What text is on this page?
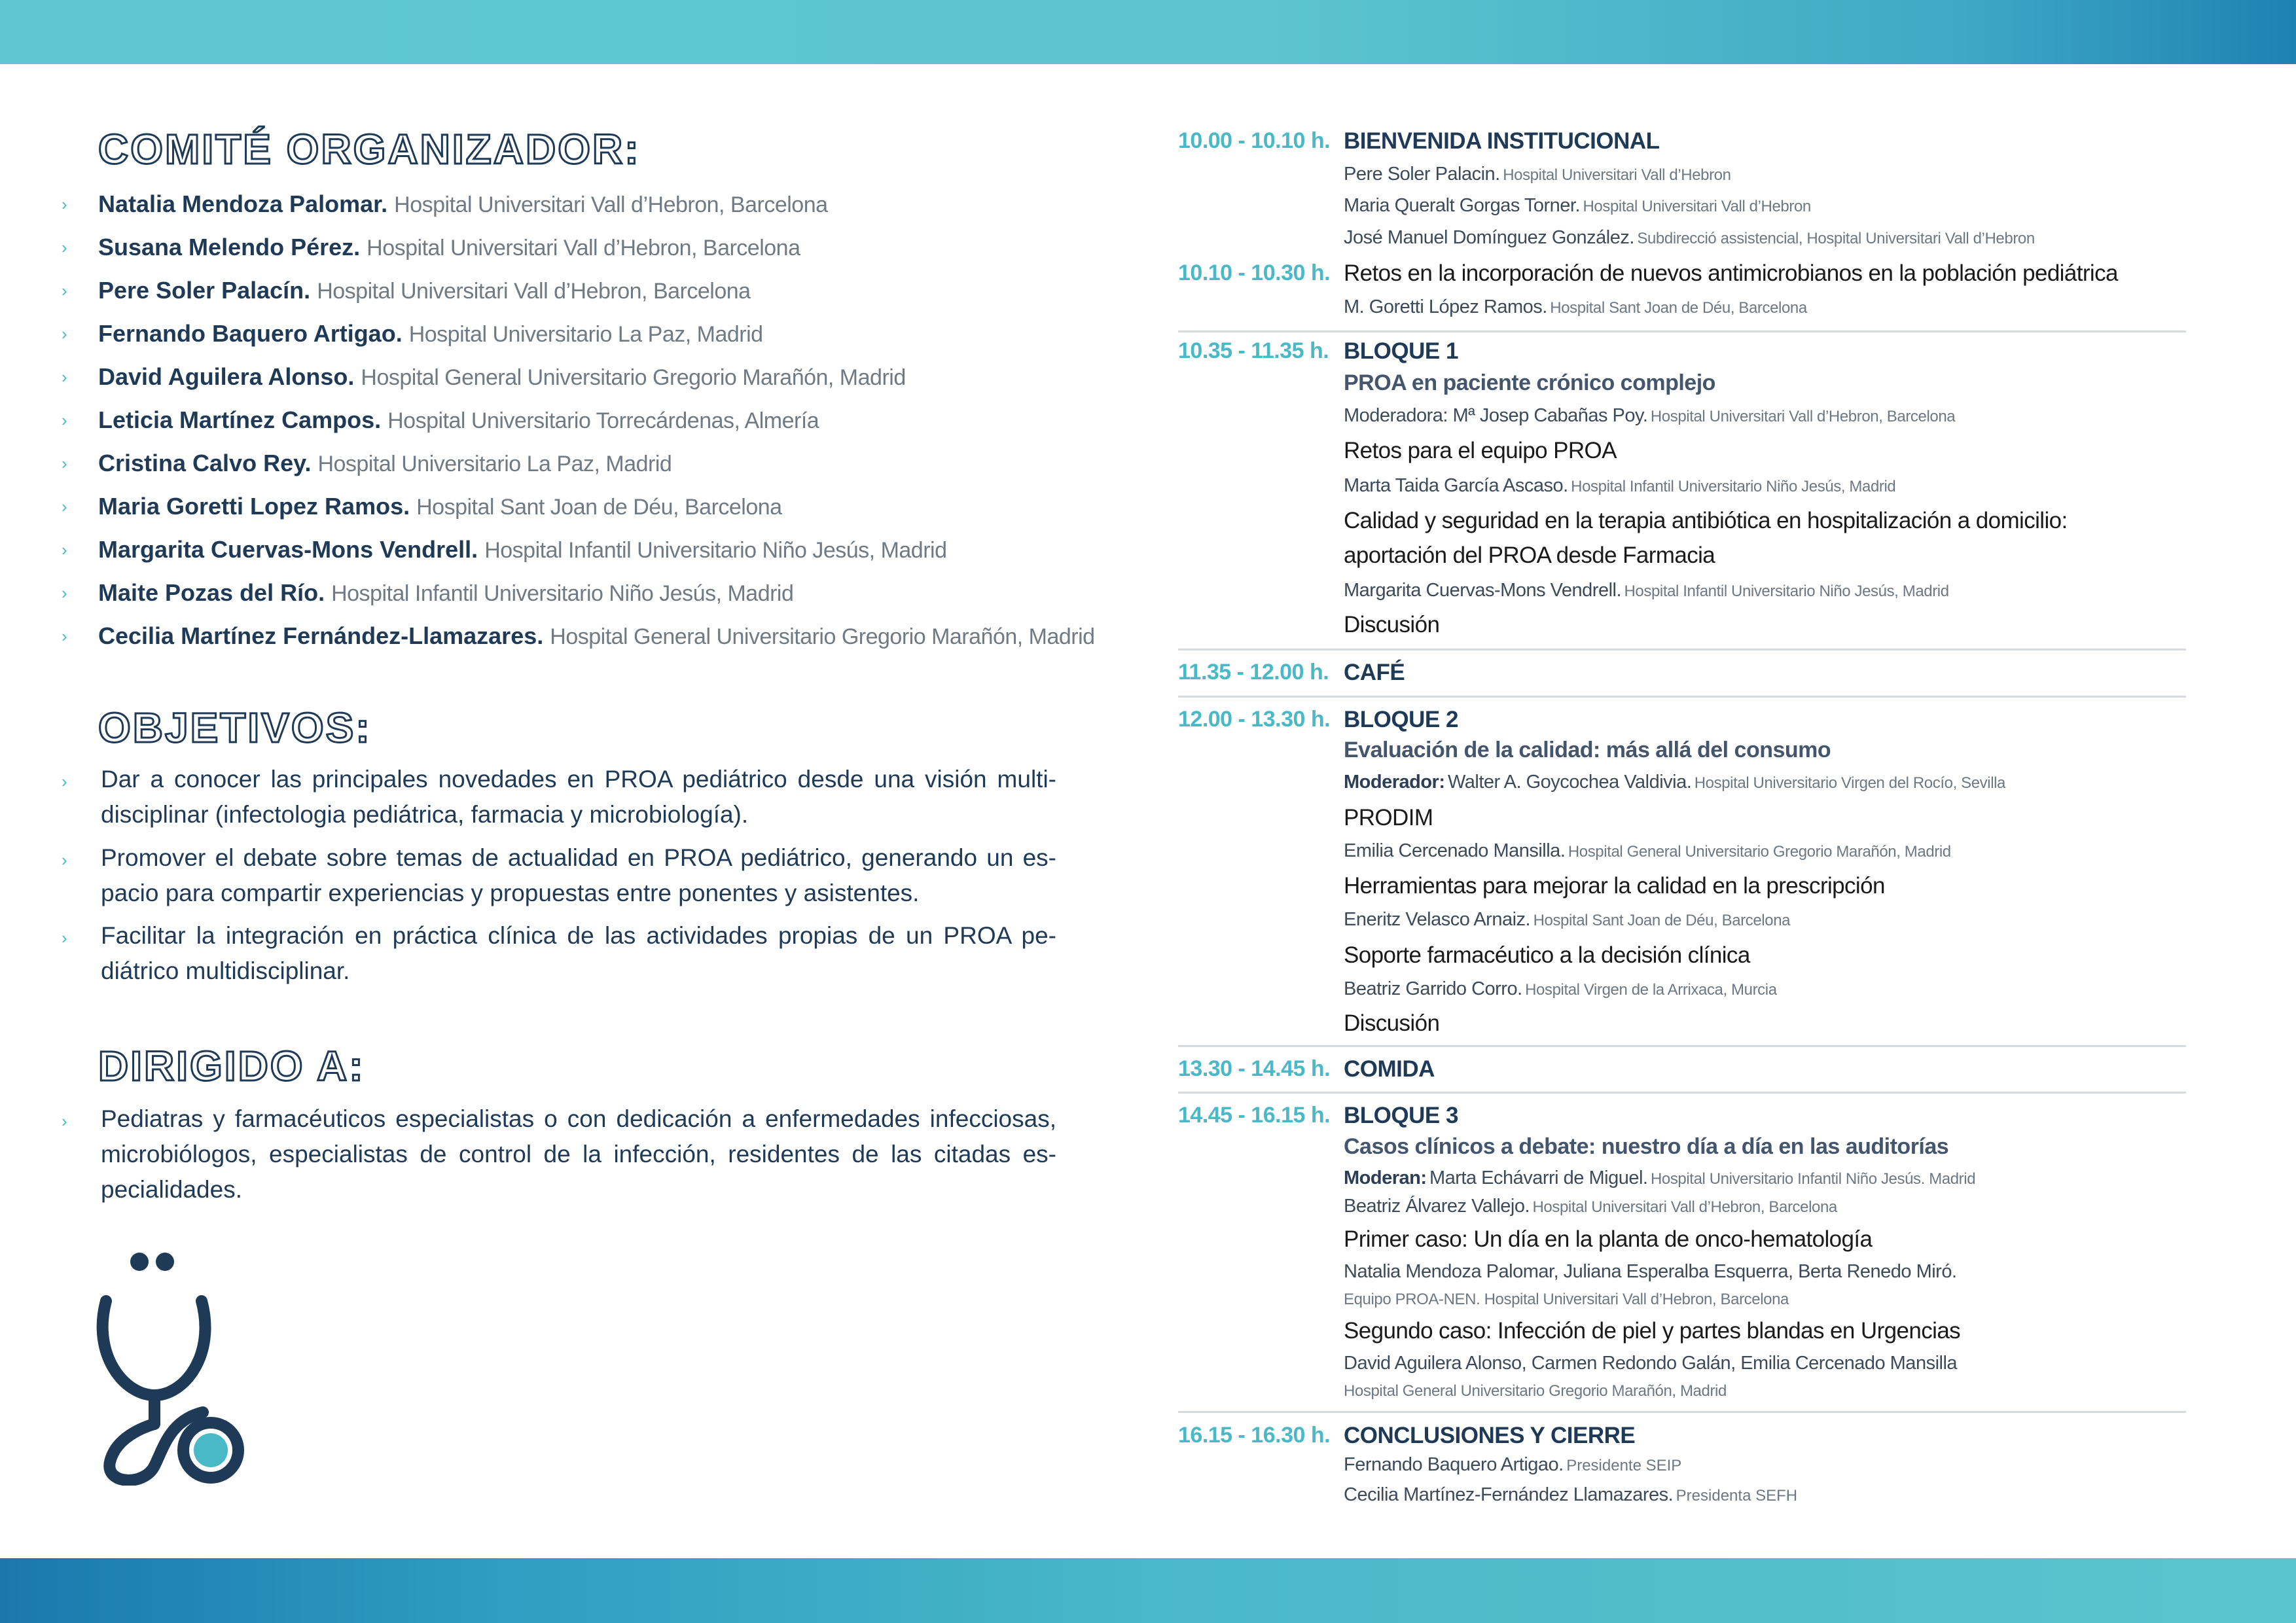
COMITÉ ORGANIZADOR:
›	Natalia Mendoza Palomar. Hospital Universitari Vall d’Hebron, Barcelona
›	Susana Melendo Pérez. Hospital Universitari Vall d’Hebron, Barcelona
›	Pere Soler Palacín. Hospital Universitari Vall d’Hebron, Barcelona
›	Fernando Baquero Artigao. Hospital Universitario La Paz, Madrid
›	David Aguilera Alonso. Hospital General Universitario Gregorio Marañón, Madrid
›	Leticia Martínez Campos. Hospital Universitario Torrecárdenas, Almería
›	Cristina Calvo Rey. Hospital Universitario La Paz, Madrid
›	Maria Goretti Lopez Ramos. Hospital Sant Joan de Déu, Barcelona
›	Margarita Cuervas-Mons Vendrell. Hospital Infantil Universitario Niño Jesús, Madrid
›	Maite Pozas del Río. Hospital Infantil Universitario Niño Jesús, Madrid
›	Cecilia Martínez Fernández-Llamazares. Hospital General Universitario Gregorio Marañón, Madrid
OBJETIVOS:
›	Dar a conocer las principales novedades en PROA pediátrico desde una visión multi-disciplinar (infectologia pediátrica, farmacia y microbiología).
›	Promover el debate sobre temas de actualidad en PROA pediátrico, generando un es-pacio para compartir experiencias y propuestas entre ponentes y asistentes.
›	Facilitar la integración en práctica clínica de las actividades propias de un PROA pe-diátrico multidisciplinar.
DIRIGIDO A:
›	Pediatras y farmacéuticos especialistas o con dedicación a enfermedades infecciosas, microbiólogos, especialistas de control de la infección, residentes de las citadas es-pecialidades.
10.00 - 10.10 h. BIENVENIDA INSTITUCIONAL
Pere Soler Palacin. Hospital Universitari Vall d’Hebron
Maria Queralt Gorgas Torner. Hospital Universitari Vall d’Hebron
José Manuel Domínguez González. Subdirecció assistencial, Hospital Universitari Vall d’Hebron
10.10 - 10.30 h. Retos en la incorporación de nuevos antimicrobianos en la población pediátrica
M. Goretti López Ramos. Hospital Sant Joan de Déu, Barcelona
10.35 - 11.35 h. BLOQUE 1
PROA en paciente crónico complejo
Moderadora: Mª Josep Cabañas Poy. Hospital Universitari Vall d’Hebron, Barcelona
Retos para el equipo PROA
Marta Taida García Ascaso. Hospital Infantil Universitario Niño Jesús, Madrid
Calidad y seguridad en la terapia antibiótica en hospitalización a domicilio:
aportación del PROA desde Farmacia
Margarita Cuervas-Mons Vendrell. Hospital Infantil Universitario Niño Jesús, Madrid
Discusión
11.35 - 12.00 h. CAFÉ
12.00 - 13.30 h. BLOQUE 2
Evaluación de la calidad: más allá del consumo
Moderador: Walter A. Goycochea Valdivia. Hospital Universitario Virgen del Rocío, Sevilla
PRODIM
Emilia Cercenado Mansilla. Hospital General Universitario Gregorio Marañón, Madrid
Herramientas para mejorar la calidad en la prescripción
Eneritz Velasco Arnaiz. Hospital Sant Joan de Déu, Barcelona
Soporte farmacéutico a la decisión clínica
Beatriz Garrido Corro. Hospital Virgen de la Arrixaca, Murcia
Discusión
13.30 - 14.45 h. COMIDA
14.45 - 16.15 h. BLOQUE 3
Casos clínicos a debate: nuestro día a día en las auditorías
Moderan: Marta Echávarri de Miguel. Hospital Universitario Infantil Niño Jesús. Madrid
Beatriz Álvarez Vallejo. Hospital Universitari Vall d’Hebron, Barcelona
Primer caso: Un día en la planta de onco-hematología
Natalia Mendoza Palomar, Juliana Esperalba Esquerra, Berta Renedo Miró.
Equipo PROA-NEN. Hospital Universitari Vall d’Hebron, Barcelona
Segundo caso: Infección de piel y partes blandas en Urgencias
David Aguilera Alonso, Carmen Redondo Galán, Emilia Cercenado Mansilla
Hospital General Universitario Gregorio Marañón, Madrid
16.15 - 16.30 h. CONCLUSIONES Y CIERRE
Fernando Baquero Artigao. Presidente SEIP
Cecilia Martínez-Fernández Llamazares. Presidenta SEFH
